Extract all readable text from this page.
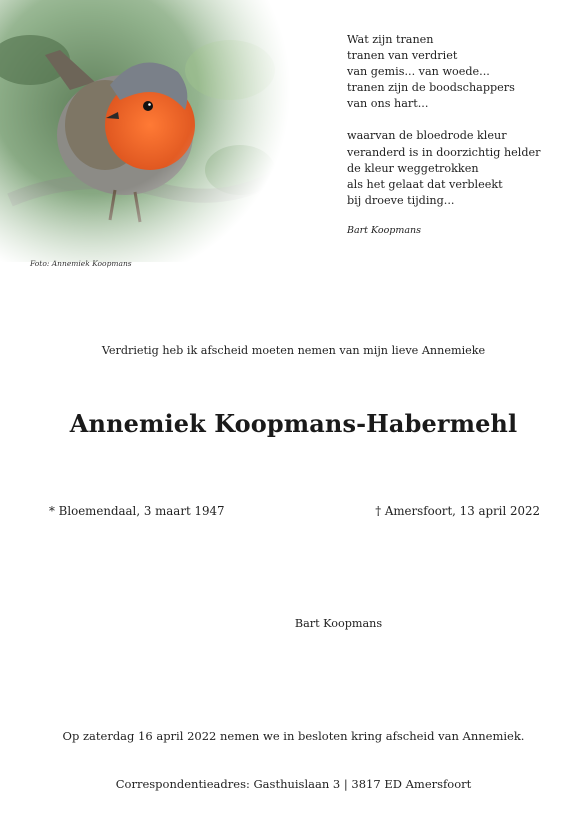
Foto: Annemiek Koopmans
Wat zijn tranen
tranen van verdriet
van gemis... van woede...
tranen zijn de boodschappers
van ons hart...
waarvan de bloedrode kleur
veranderd is in doorzichtig helder
de kleur weggetrokken
als het gelaat dat verbleekt
bij droeve tijding...
Bart Koopmans
Verdrietig heb ik afscheid moeten nemen van mijn lieve Annemieke
Annemiek Koopmans-Habermehl
* Bloemendaal, 3 maart 1947	† Amersfoort, 13 april 2022
Bart Koopmans
Op zaterdag 16 april 2022 nemen we in besloten kring afscheid van Annemiek.
Correspondentieadres: Gasthuislaan 3 | 3817 ED Amersfoort
